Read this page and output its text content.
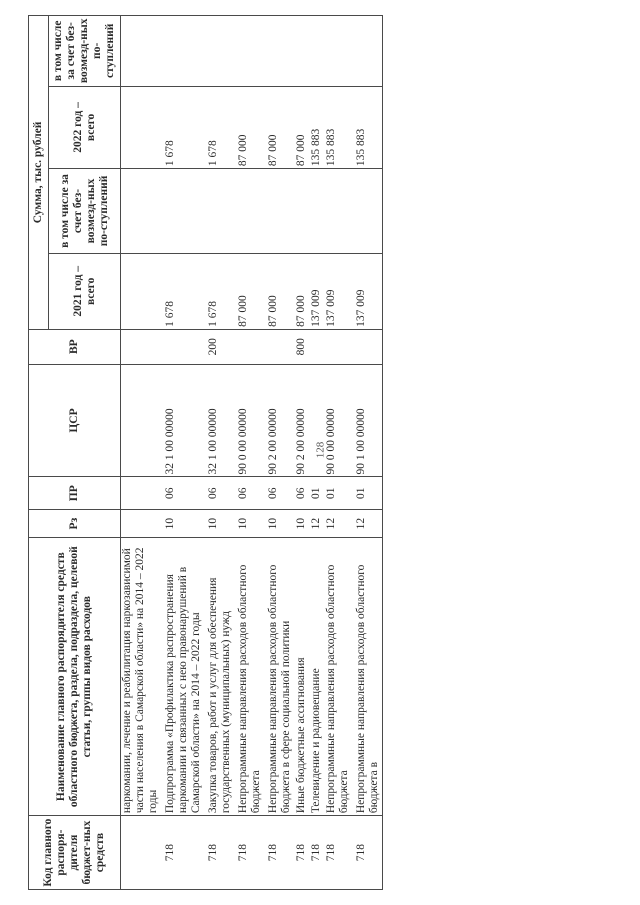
128
Код главного распоря-дителя бюджет-ных средств	Наименование главного распорядителя средств областного бюджета, раздела, подраздела, целевой статьи, группы видов расходов	Рз	ПР	ЦСР	ВР	Сумма, тыс. рублей			
						2021 год – всего	в том числе за счет без-возмезд-ных по-ступлений	2022 год – всего	в том числе за счет без-возмезд-ных по-ступлений
	наркомании, лечение и реабилитация наркозависимой части населения в Самарской области» на 2014 – 2022 годы								
718	Подпрограмма «Профилактика распространения наркомании и связанных с нею правонарушений в Самарской области» на 2014 – 2022 годы	10	06	32 1 00 00000		1 678		1 678	
718	Закупка товаров, работ и услуг для обеспечения государственных (муниципальных) нужд	10	06	32 1 00 00000	200	1 678		1 678	
718	Непрограммные направления расходов областного бюджета	10	06	90 0 00 00000		87 000		87 000	
718	Непрограммные направления расходов областного бюджета в сфере социальной политики	10	06	90 2 00 00000		87 000		87 000	
718	Иные бюджетные ассигнования	10	06	90 2 00 00000	800	87 000		87 000	
718	Телевидение и радиовещание	12	01			137 009		135 883	
718	Непрограммные направления расходов областного бюджета	12	01	90 0 00 00000		137 009		135 883	
718	Непрограммные направления расходов областного бюджета в	12	01	90 1 00 00000		137 009		135 883	
